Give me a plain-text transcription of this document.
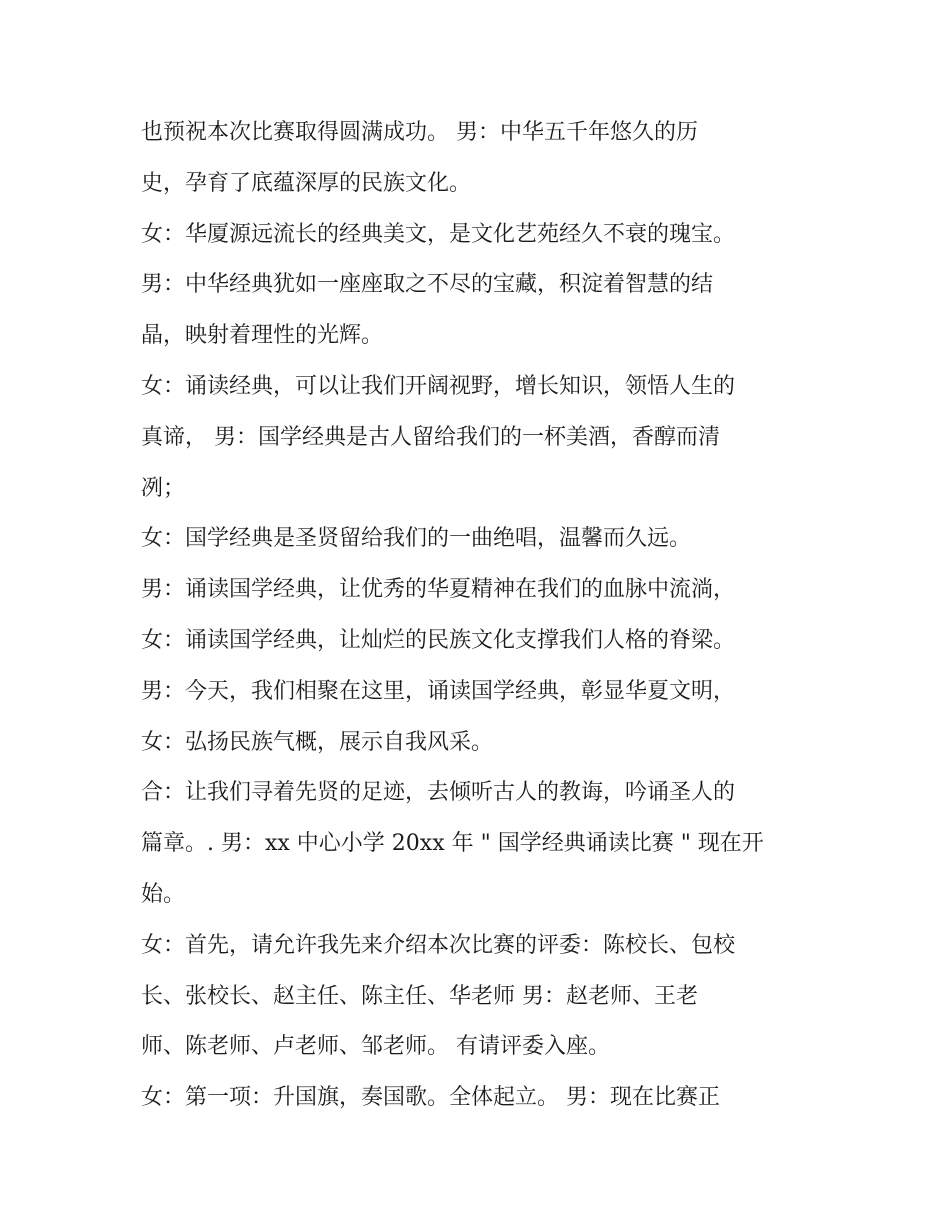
也预祝本次比赛取得圆满成功。 男：中华五千年悠久的历
史，孕育了底蕴深厚的民族文化。
女：华厦源远流长的经典美文，是文化艺苑经久不衰的瑰宝。
男：中华经典犹如一座座取之不尽的宝藏，积淀着智慧的结
晶，映射着理性的光辉。
女：诵读经典，可以让我们开阔视野，增长知识，领悟人生的
真谛， 男：国学经典是古人留给我们的一杯美酒，香醇而清
冽；
女：国学经典是圣贤留给我们的一曲绝唱，温馨而久远。
男：诵读国学经典，让优秀的华夏精神在我们的血脉中流淌，
女：诵读国学经典，让灿烂的民族文化支撑我们人格的脊梁。
男：今天，我们相聚在这里，诵读国学经典，彰显华夏文明，
女：弘扬民族气概，展示自我风采。
合：让我们寻着先贤的足迹，去倾听古人的教诲，吟诵圣人的
篇章。. 男：xx 中心小学 20xx 年 " 国学经典诵读比赛 " 现在开
始。
女：首先，请允许我先来介绍本次比赛的评委：陈校长、包校
长、张校长、赵主任、陈主任、华老师 男：赵老师、王老
师、陈老师、卢老师、邹老师。 有请评委入座。
女：第一项：升国旗，奏国歌。全体起立。 男：现在比赛正
